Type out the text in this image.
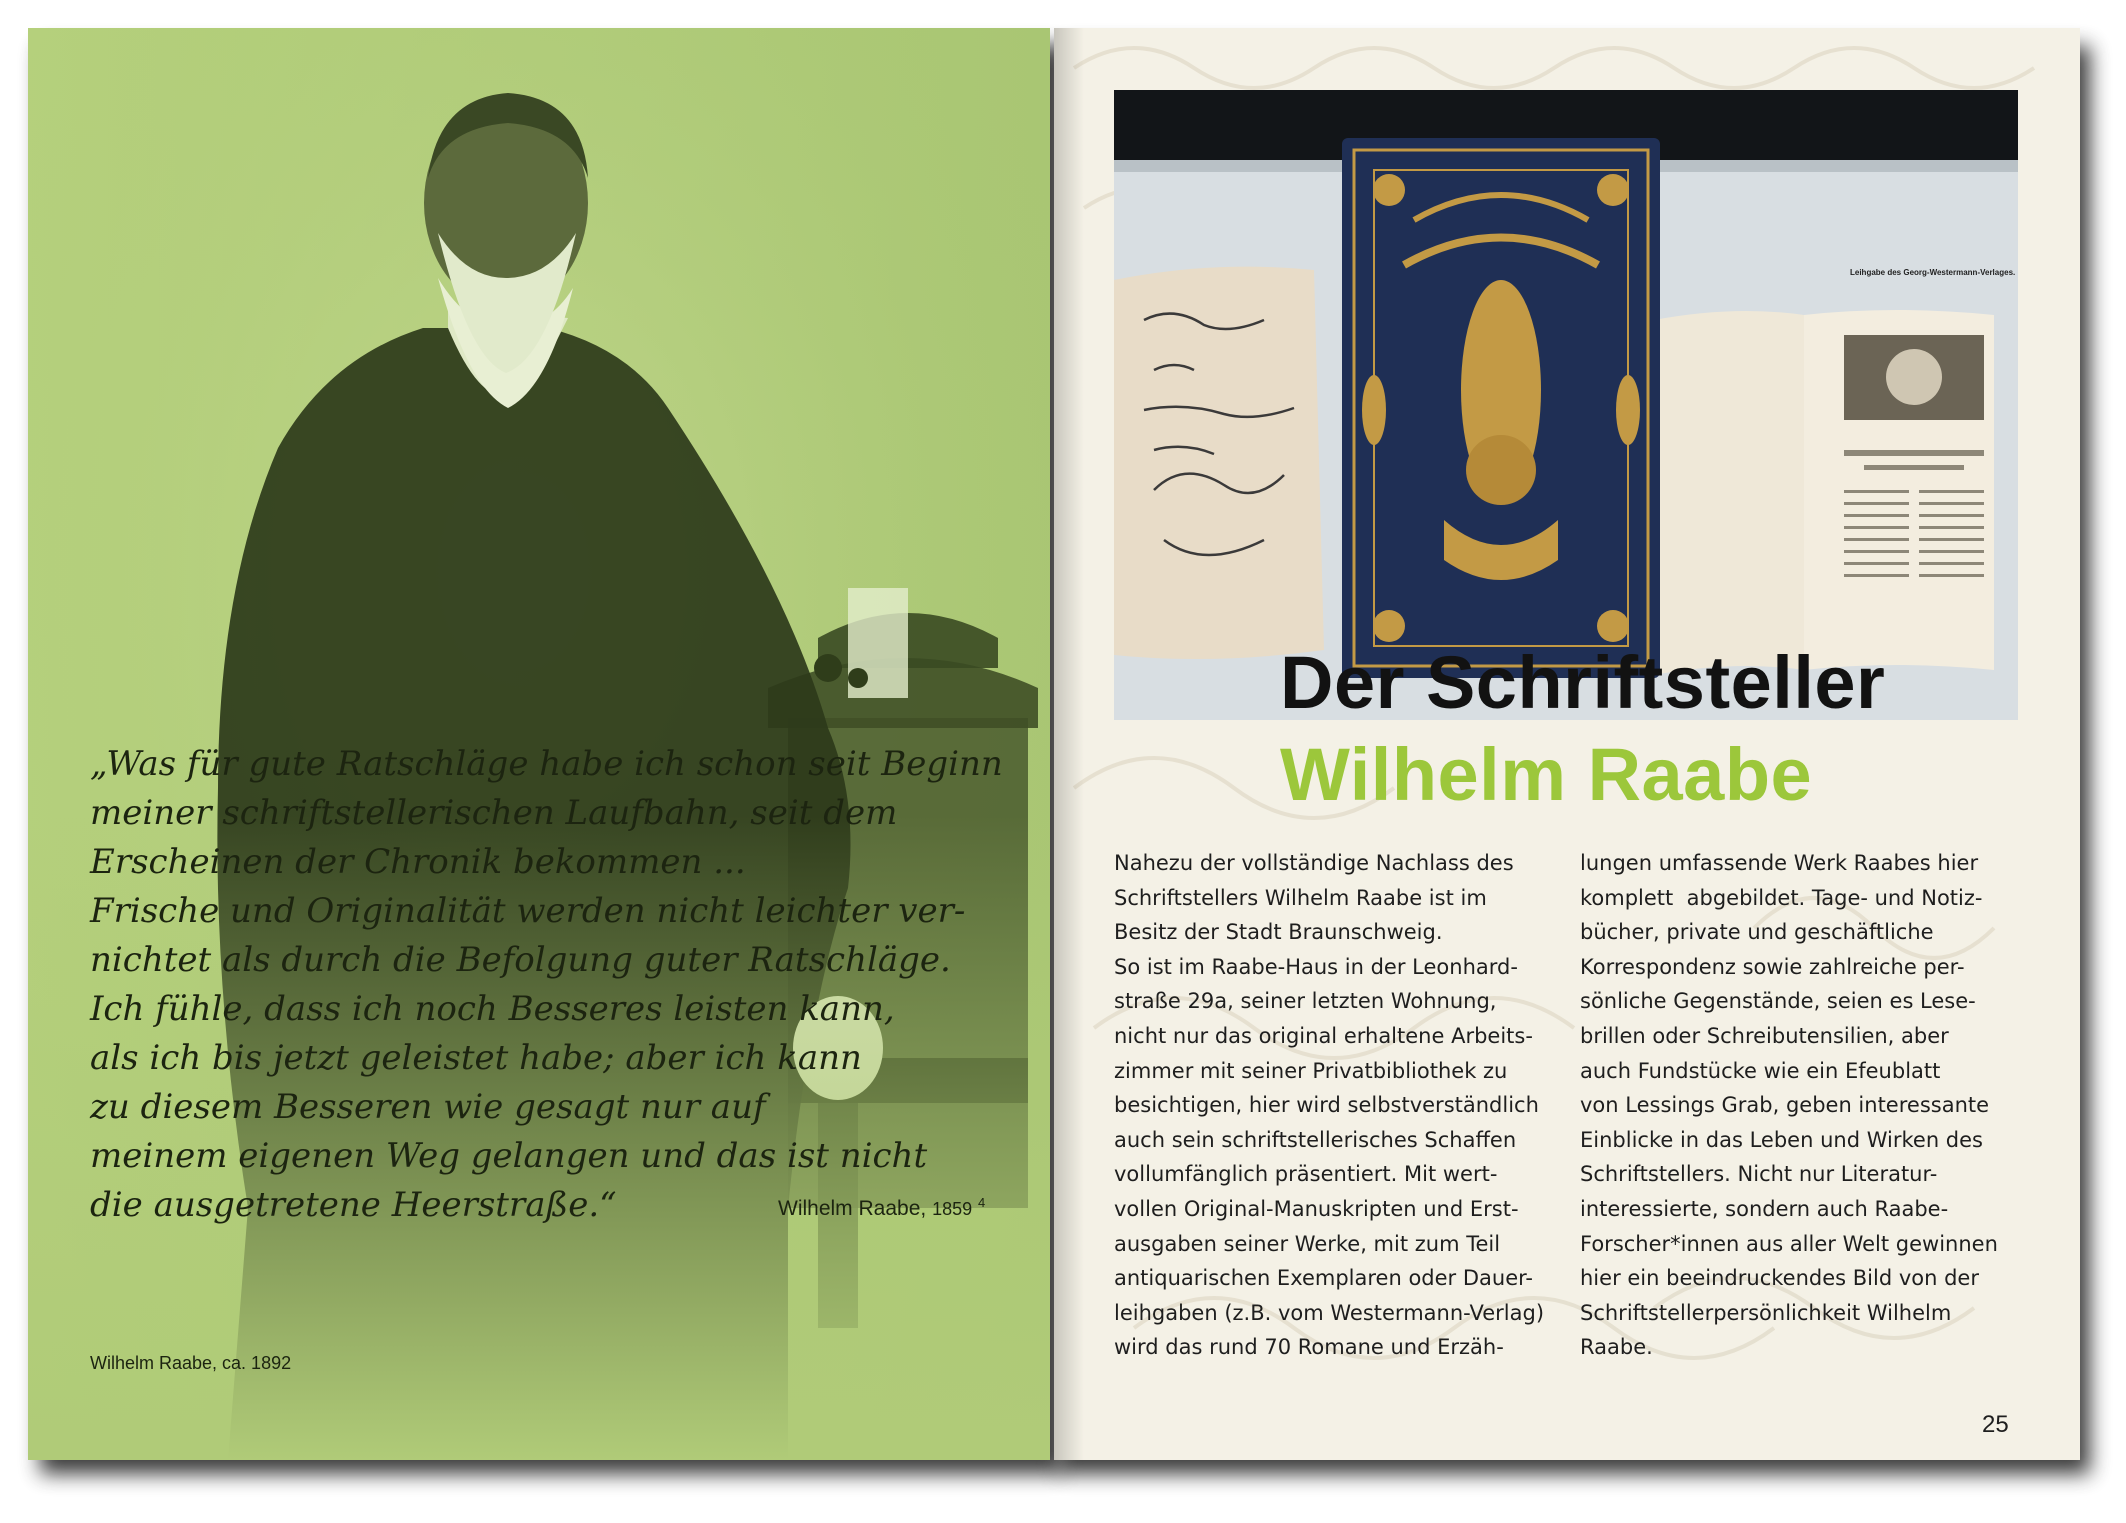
„Was für gute Ratschläge habe ich schon seit Beginn
meiner schriftstellerischen Laufbahn, seit dem
Erscheinen der Chronik bekommen ...
Frische und Originalität werden nicht leichter ver-
nichtet als durch die Befolgung guter Ratschläge.
Ich fühle, dass ich noch Besseres leisten kann,
als ich bis jetzt geleistet habe; aber ich kann
zu diesem Besseren wie gesagt nur auf
meinem eigenen Weg gelangen und das ist nicht
die ausgetretene Heerstraße.“	Wilhelm Raabe, 1859 $^4$
Wilhelm Raabe, ca. 1892
Leihgabe des Georg-Westermann-Verlages.
Der Schriftsteller
Wilhelm Raabe
Nahezu der vollständige Nachlass des
Schriftstellers Wilhelm Raabe ist im
Besitz der Stadt Braunschweig.
So ist im Raabe-Haus in der Leonhard-
straße 29a, seiner letzten Wohnung,
nicht nur das original erhaltene Arbeits-
zimmer mit seiner Privatbibliothek zu
besichtigen, hier wird selbstverständlich
auch sein schriftstellerisches Schaffen
vollumfänglich präsentiert. Mit wert-
vollen Original-Manuskripten und Erst-
ausgaben seiner Werke, mit zum Teil
antiquarischen Exemplaren oder Dauer-
leihgaben (z.B. vom Westermann-Verlag)
wird das rund 70 Romane und Erzäh-
lungen umfassende Werk Raabes hier
komplett  abgebildet. Tage- und Notiz-
bücher, private und geschäftliche
Korrespondenz sowie zahlreiche per-
sönliche Gegenstände, seien es Lese-
brillen oder Schreibutensilien, aber
auch Fundstücke wie ein Efeublatt
von Lessings Grab, geben interessante
Einblicke in das Leben und Wirken des
Schriftstellers. Nicht nur Literatur-
interessierte, sondern auch Raabe-
Forscher*innen aus aller Welt gewinnen
hier ein beeindruckendes Bild von der
Schriftstellerpersönlichkeit Wilhelm
Raabe.
25
